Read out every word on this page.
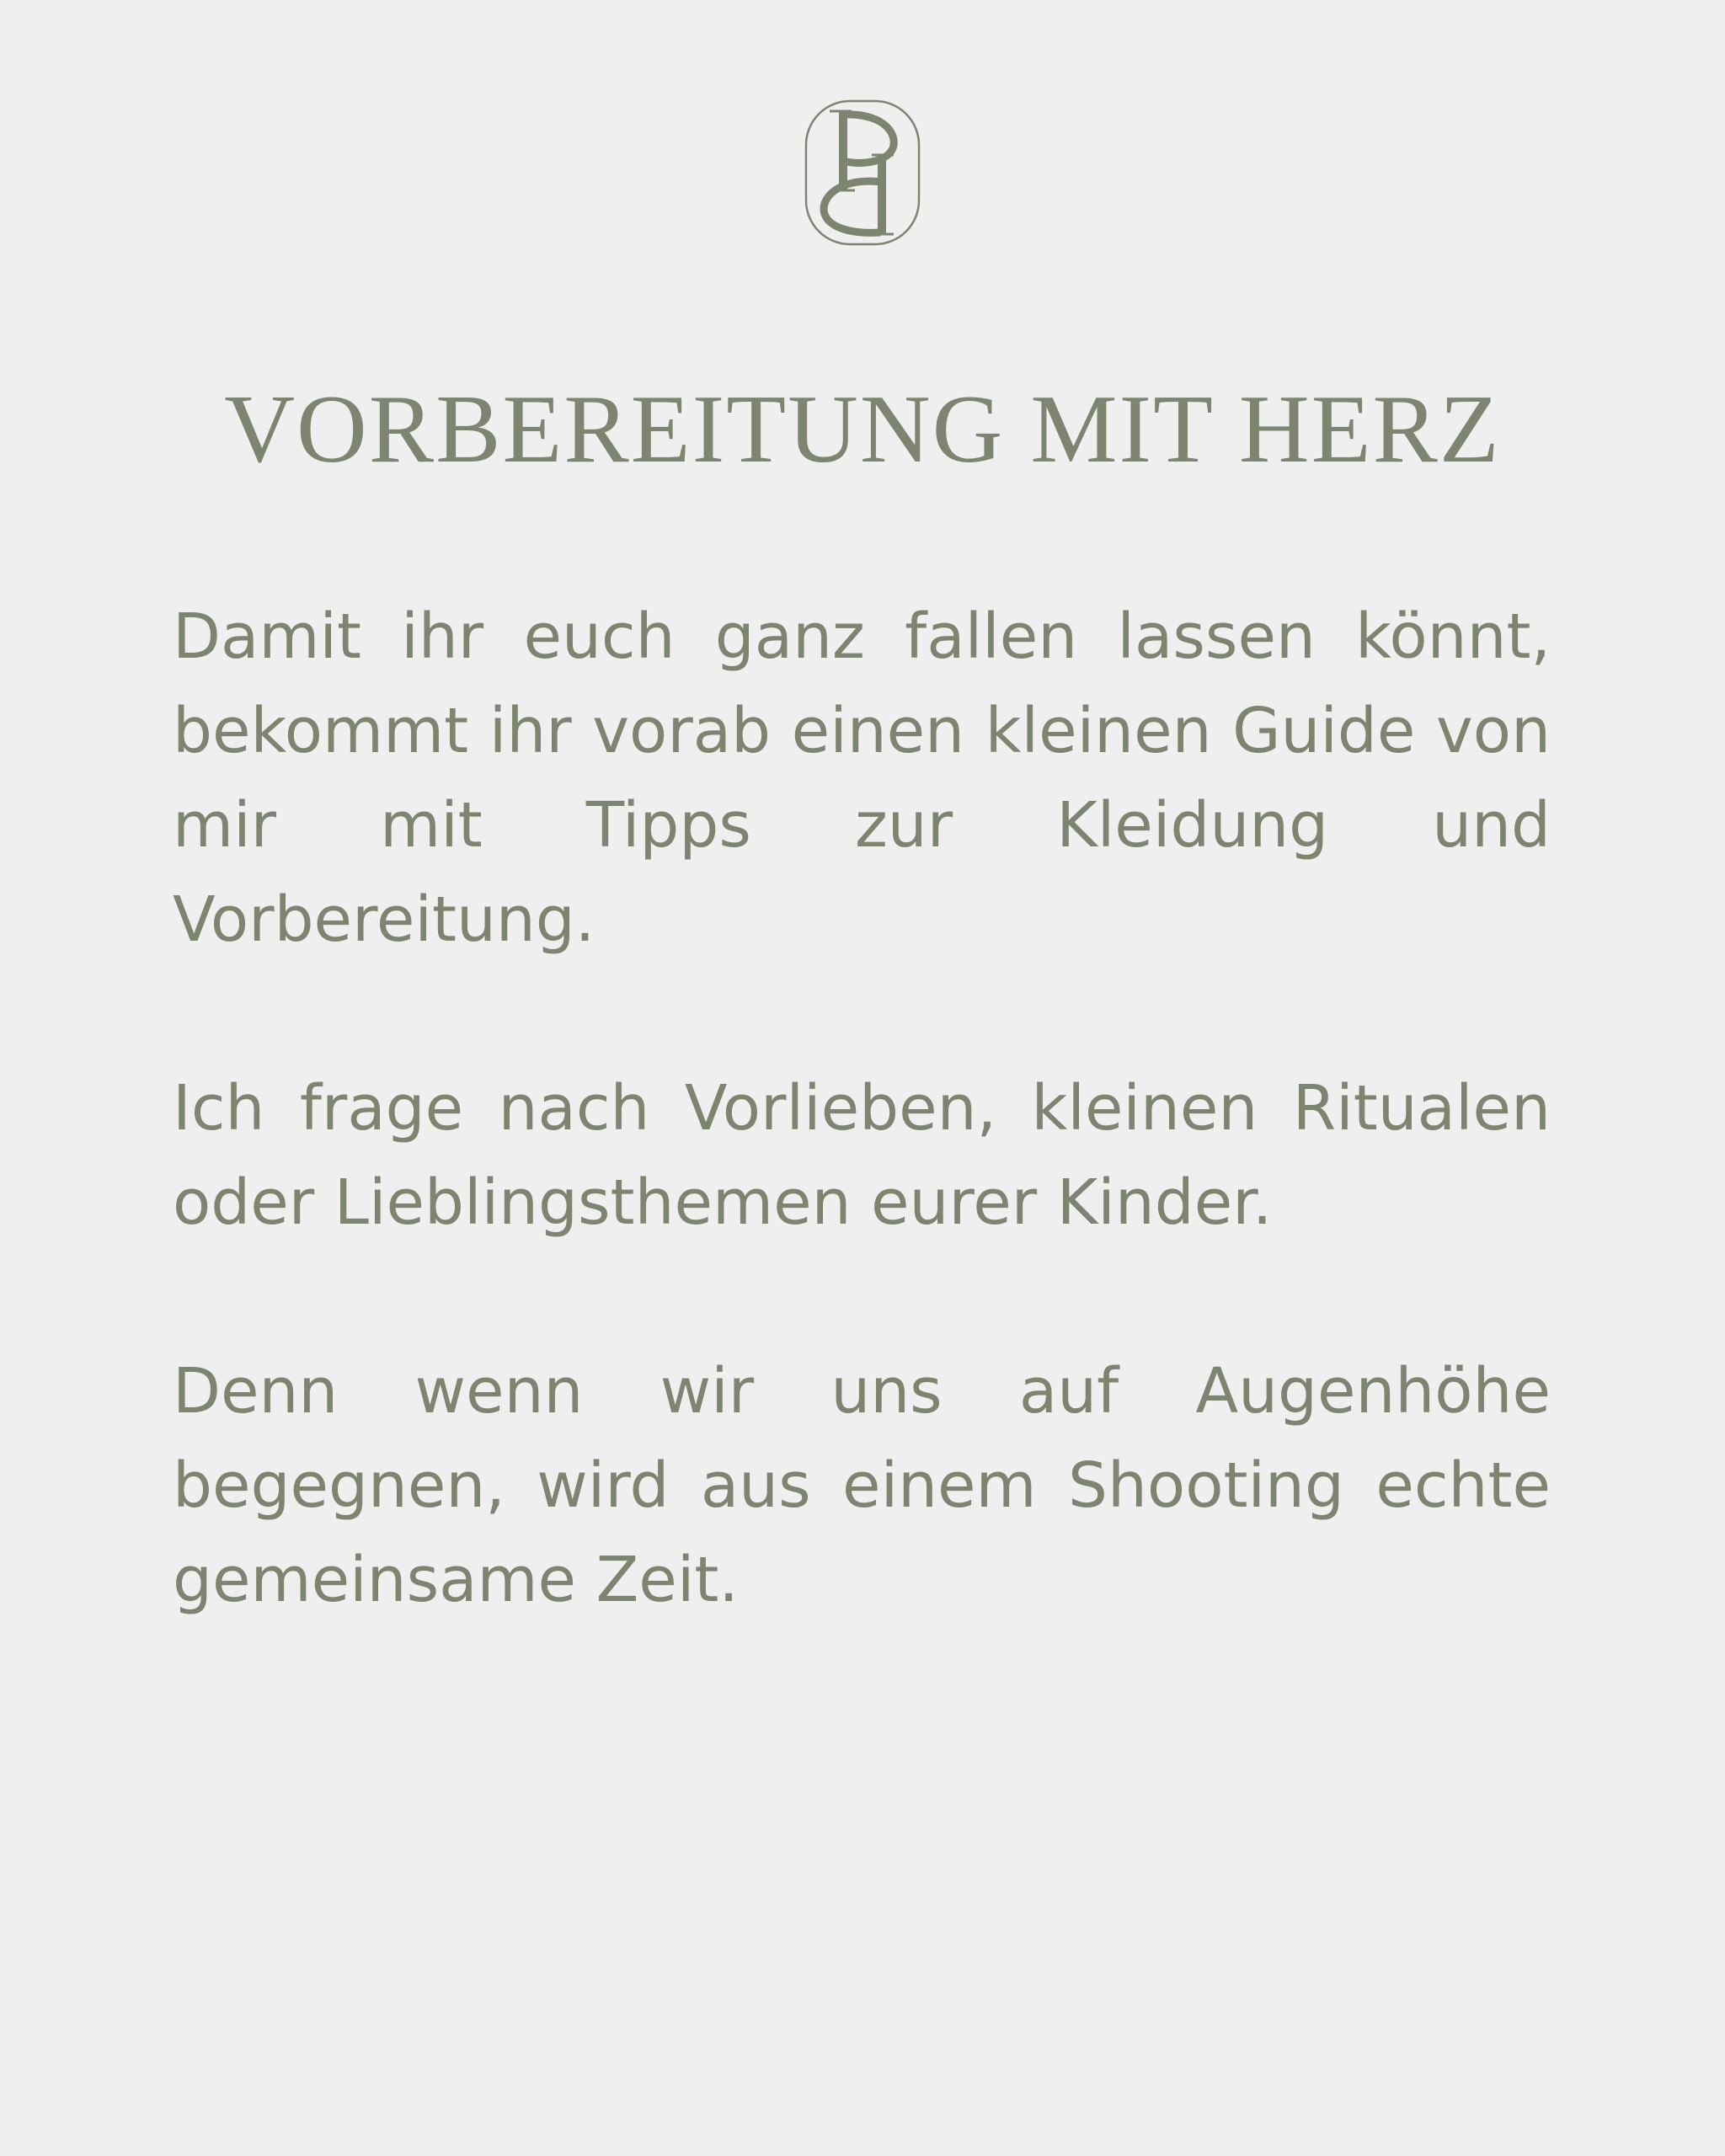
VORBEREITUNG MIT HERZ

Damit ihr euch ganz fallen lassen könnt, bekommt ihr vorab einen kleinen Guide von mir mit Tipps zur Kleidung und Vorbereitung.

Ich frage nach Vorlieben, kleinen Ritualen oder Lieblingsthemen eurer Kinder.

Denn wenn wir uns auf Augenhöhe begegnen, wird aus einem Shooting echte gemeinsame Zeit.
